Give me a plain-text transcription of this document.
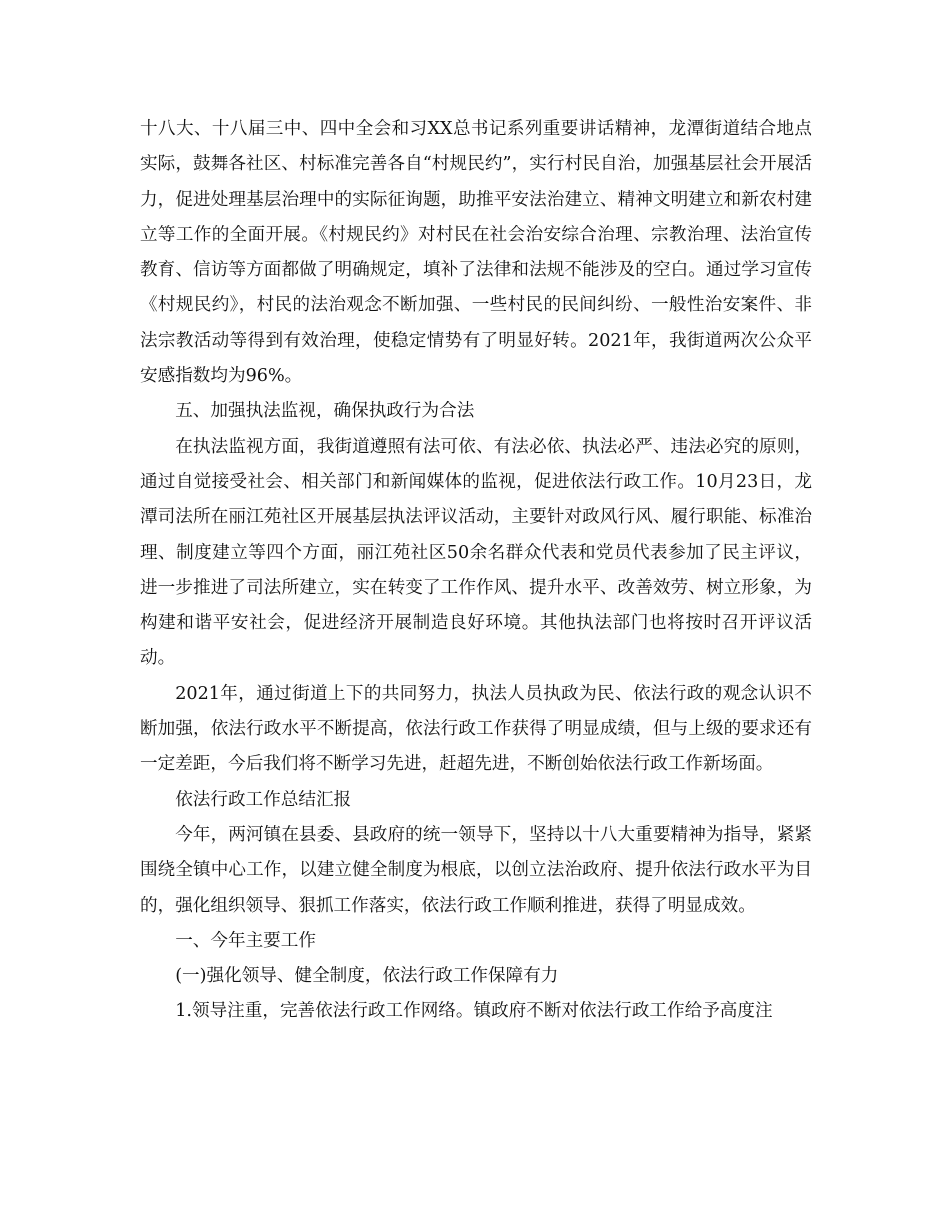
十八大、十八届三中、四中全会和习XX总书记系列重要讲话精神，龙潭街道结合地点实际，鼓舞各社区、村标准完善各自“村规民约”，实行村民自治，加强基层社会开展活力，促进处理基层治理中的实际征询题，助推平安法治建立、精神文明建立和新农村建立等工作的全面开展。《村规民约》对村民在社会治安综合治理、宗教治理、法治宣传教育、信访等方面都做了明确规定，填补了法律和法规不能涉及的空白。通过学习宣传《村规民约》，村民的法治观念不断加强、一些村民的民间纠纷、一般性治安案件、非法宗教活动等得到有效治理，使稳定情势有了明显好转。2021年，我街道两次公众平安感指数均为96%。

五、加强执法监视，确保执政行为合法

在执法监视方面，我街道遵照有法可依、有法必依、执法必严、违法必究的原则，通过自觉接受社会、相关部门和新闻媒体的监视，促进依法行政工作。10月23日，龙潭司法所在丽江苑社区开展基层执法评议活动，主要针对政风行风、履行职能、标准治理、制度建立等四个方面，丽江苑社区50余名群众代表和党员代表参加了民主评议，进一步推进了司法所建立，实在转变了工作作风、提升水平、改善效劳、树立形象，为构建和谐平安社会，促进经济开展制造良好环境。其他执法部门也将按时召开评议活动。

2021年，通过街道上下的共同努力，执法人员执政为民、依法行政的观念认识不断加强，依法行政水平不断提高，依法行政工作获得了明显成绩，但与上级的要求还有一定差距，今后我们将不断学习先进，赶超先进，不断创始依法行政工作新场面。

依法行政工作总结汇报

今年，两河镇在县委、县政府的统一领导下，坚持以十八大重要精神为指导，紧紧围绕全镇中心工作，以建立健全制度为根底，以创立法治政府、提升依法行政水平为目的，强化组织领导、狠抓工作落实，依法行政工作顺利推进，获得了明显成效。

一、今年主要工作

(一)强化领导、健全制度，依法行政工作保障有力

1.领导注重，完善依法行政工作网络。镇政府不断对依法行政工作给予高度注
